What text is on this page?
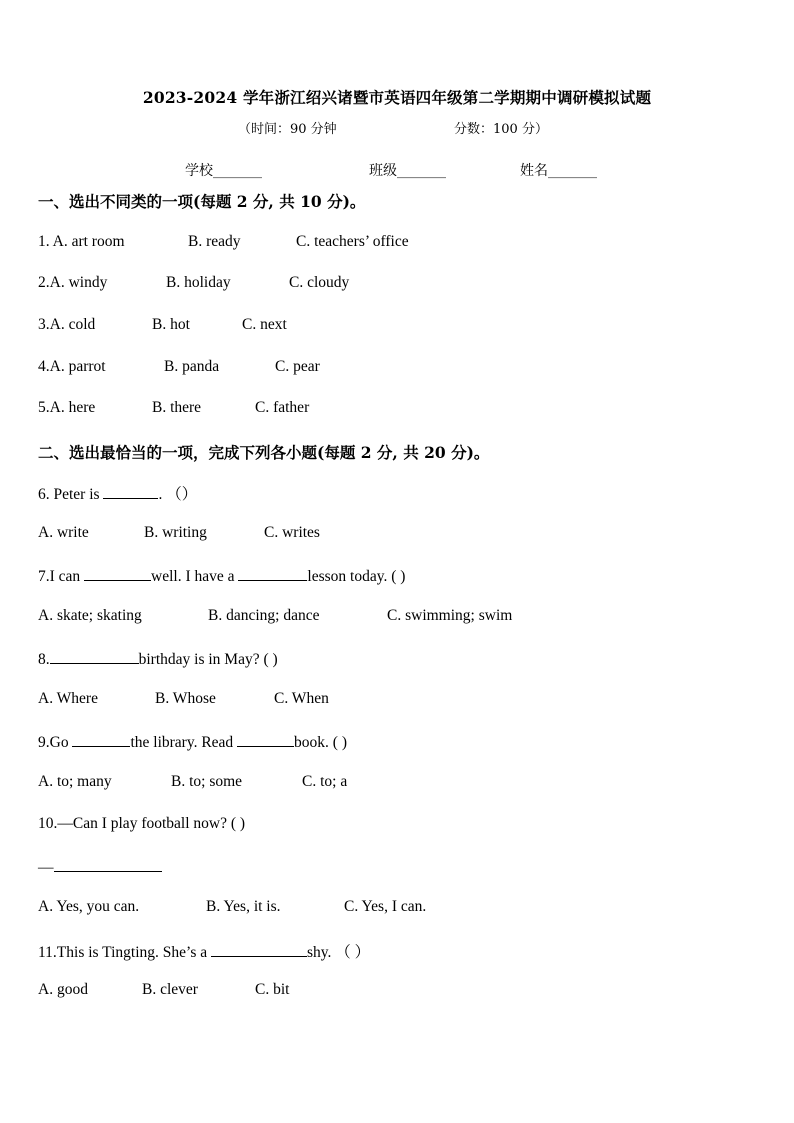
2023-2024 学年浙江绍兴诸暨市英语四年级第二学期期中调研模拟试题
（时间：90 分钟	分数：100 分）
学校_______	班级_______	姓名_______
一、选出不同类的一项(每题 2 分, 共 10 分)。
1. A. art room	B. ready	C. teachers’ office
2.A. windy	B. holiday	C. cloudy
3.A. cold	B. hot	C. next
4.A. parrot	B. panda	C. pear
5.A. here	B. there	C. father
二、选出最恰当的一项，完成下列各小题(每题 2 分, 共 20 分)。
6. Peter is	. （）
A. write	B. writing	C. writes
7.I can	well. I have a	lesson today. ( )
A. skate; skating	B. dancing; dance	C. swimming; swim
8.	birthday is in May? ( )
A. Where	B. Whose	C. When
9.Go	the library. Read	book. ( )
A. to; many	B. to; some	C. to; a
10.—Can I play football now? ( )
—
A. Yes, you can.	B. Yes, it is.	C. Yes, I can.
11.This is Tingting. She’s a	shy. （ ）
A. good	B. clever	C. bit
